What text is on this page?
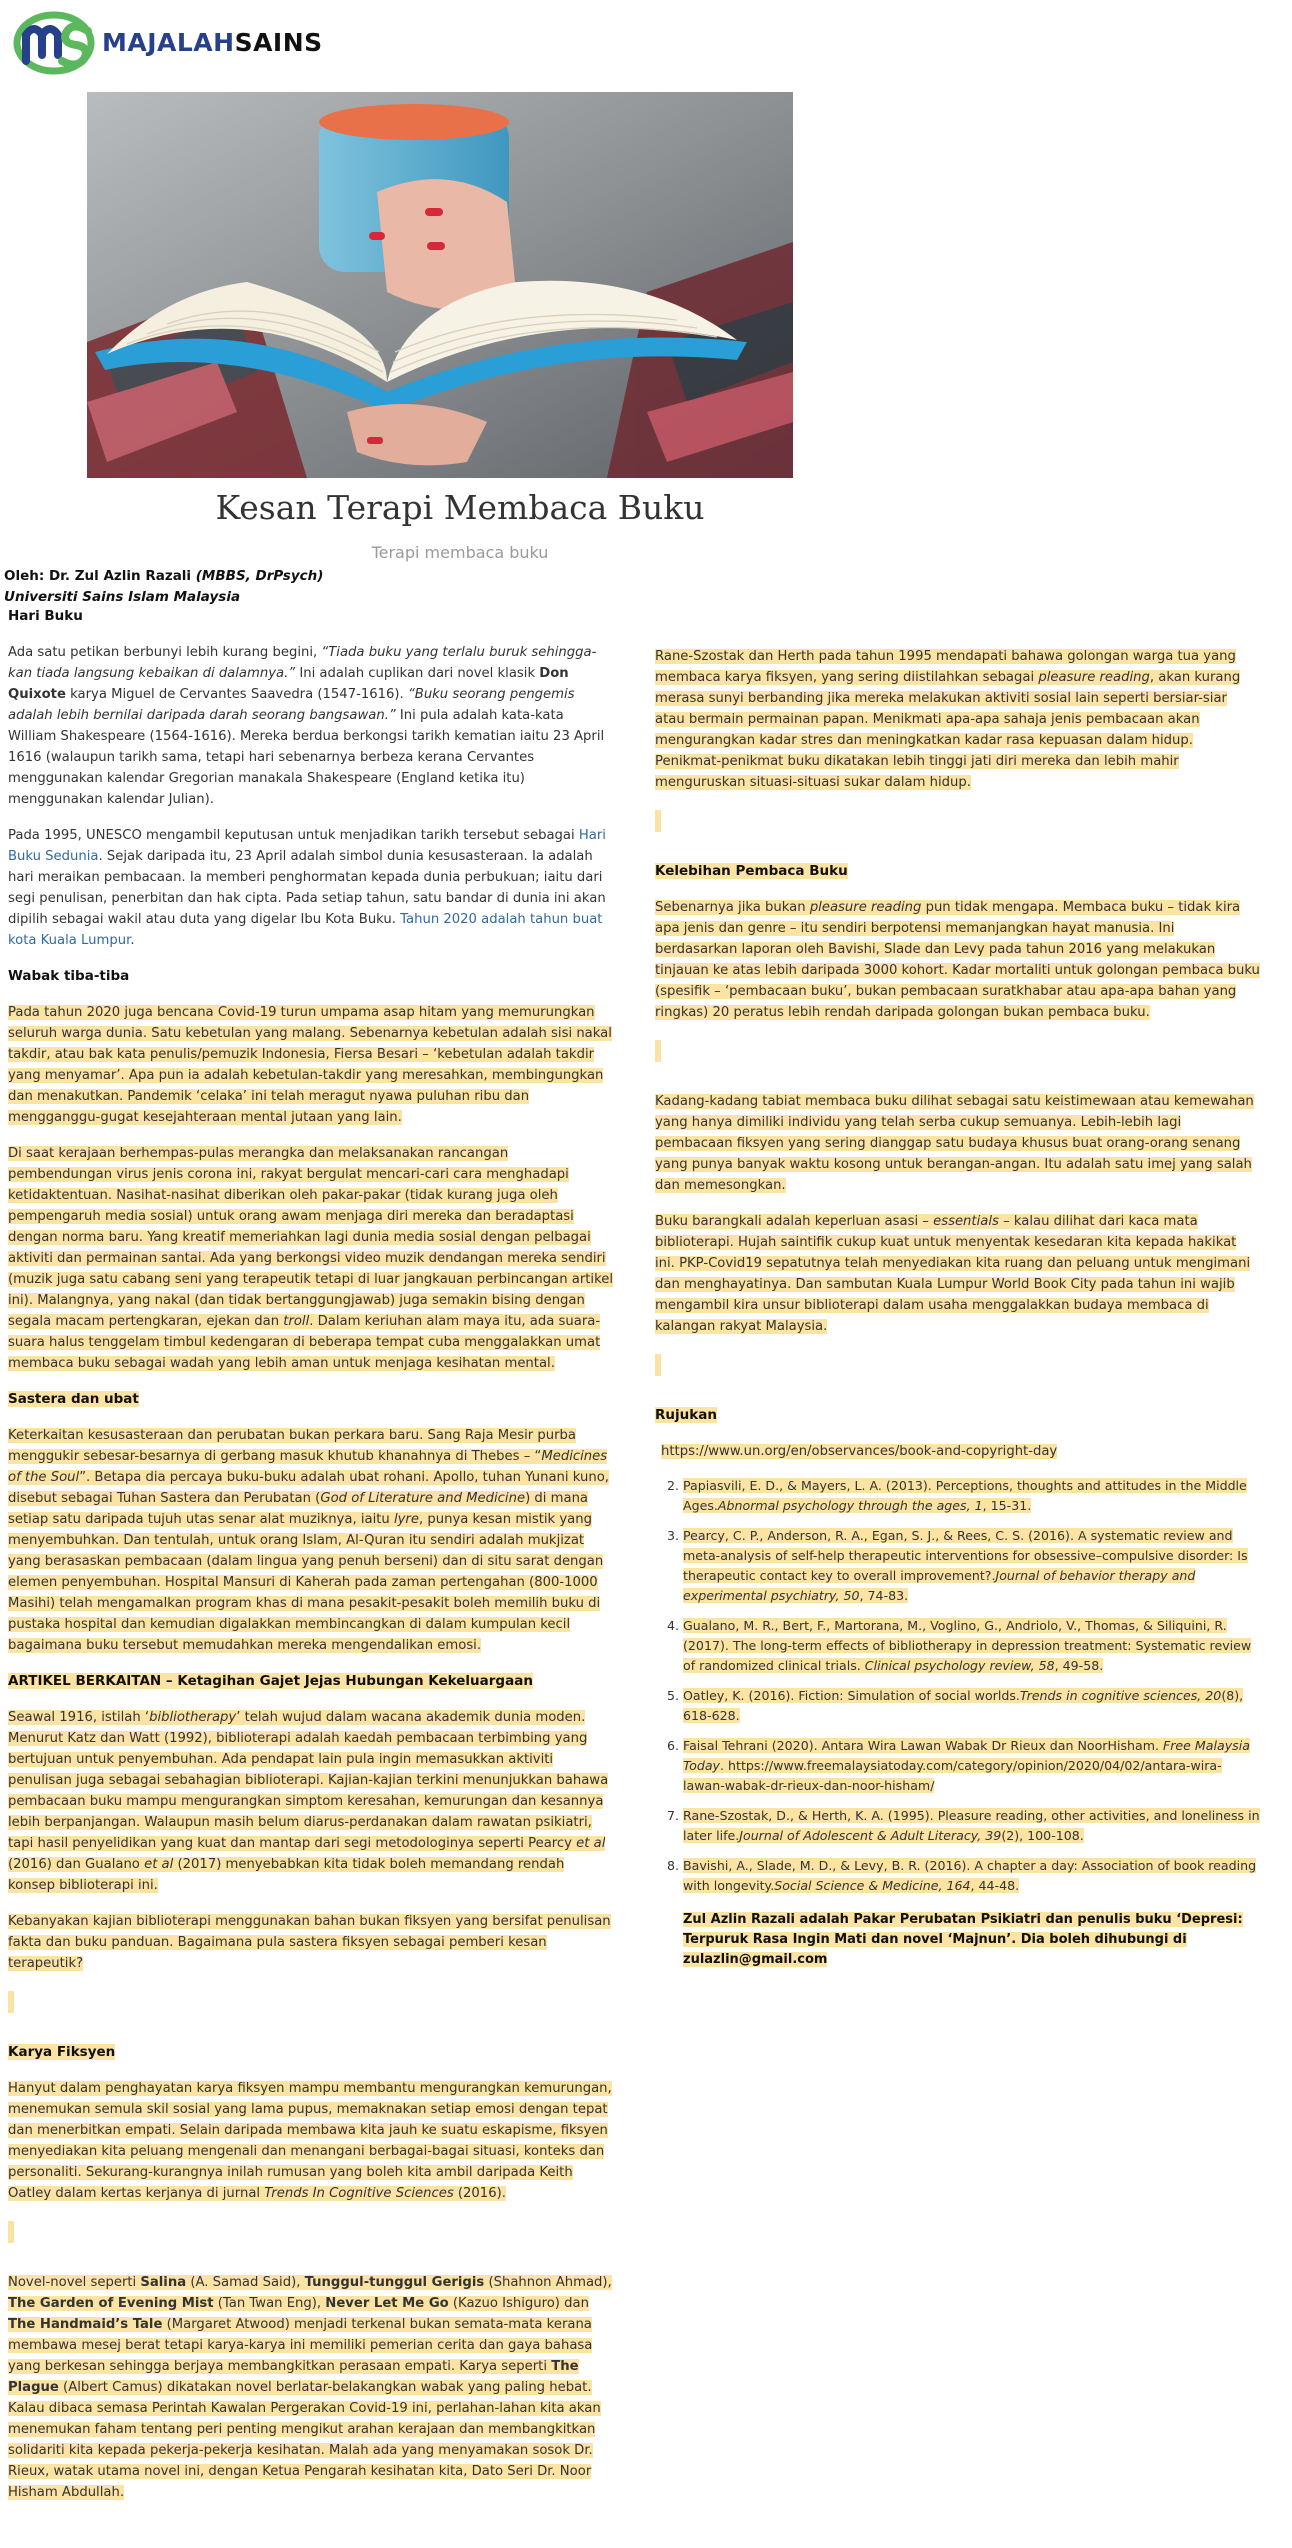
MAJALAHSAINS
Kesan Terapi Membaca Buku
Terapi membaca buku
Oleh: Dr. Zul Azlin Razali (MBBS, DrPsych)
Universiti Sains Islam Malaysia
Hari Buku

Ada satu petikan berbunyi lebih kurang begini, “Tiada buku yang terlalu buruk sehinggakan tiada langsung kebaikan di dalamnya.” Ini adalah cuplikan dari novel klasik Don Quixote karya Miguel de Cervantes Saavedra (1547-1616). “Buku seorang pengemis adalah lebih bernilai daripada darah seorang bangsawan.” Ini pula adalah kata-kata William Shakespeare (1564-1616). Mereka berdua berkongsi tarikh kematian iaitu 23 April 1616 (walaupun tarikh sama, tetapi hari sebenarnya berbeza kerana Cervantes menggunakan kalendar Gregorian manakala Shakespeare (England ketika itu) menggunakan kalendar Julian).

Pada 1995, UNESCO mengambil keputusan untuk menjadikan tarikh tersebut sebagai Hari Buku Sedunia. Sejak daripada itu, 23 April adalah simbol dunia kesusasteraan. Ia adalah hari meraikan pembacaan. Ia memberi penghormatan kepada dunia perbukuan; iaitu dari segi penulisan, penerbitan dan hak cipta. Pada setiap tahun, satu bandar di dunia ini akan dipilih sebagai wakil atau duta yang digelar Ibu Kota Buku. Tahun 2020 adalah tahun buat kota Kuala Lumpur.

Wabak tiba-tiba

Pada tahun 2020 juga bencana Covid-19 turun umpama asap hitam yang memurungkan seluruh warga dunia. Satu kebetulan yang malang. Sebenarnya kebetulan adalah sisi nakal takdir, atau bak kata penulis/pemuzik Indonesia, Fiersa Besari – ‘kebetulan adalah takdir yang menyamar’. Apa pun ia adalah kebetulan-takdir yang meresahkan, membingungkan dan menakutkan. Pandemik ‘celaka’ ini telah meragut nyawa puluhan ribu dan mengganggu-gugat kesejahteraan mental jutaan yang lain.

Di saat kerajaan berhempas-pulas merangka dan melaksanakan rancangan pembendungan virus jenis corona ini, rakyat bergulat mencari-cari cara menghadapi ketidaktentuan. Nasihat-nasihat diberikan oleh pakar-pakar (tidak kurang juga oleh pempengaruh media sosial) untuk orang awam menjaga diri mereka dan beradaptasi dengan norma baru. Yang kreatif memeriahkan lagi dunia media sosial dengan pelbagai aktiviti dan permainan santai. Ada yang berkongsi video muzik dendangan mereka sendiri (muzik juga satu cabang seni yang terapeutik tetapi di luar jangkauan perbincangan artikel ini). Malangnya, yang nakal (dan tidak bertanggungjawab) juga semakin bising dengan segala macam pertengkaran, ejekan dan troll. Dalam keriuhan alam maya itu, ada suara-suara halus tenggelam timbul kedengaran di beberapa tempat cuba menggalakkan umat membaca buku sebagai wadah yang lebih aman untuk menjaga kesihatan mental.

Sastera dan ubat

Keterkaitan kesusasteraan dan perubatan bukan perkara baru. Sang Raja Mesir purba menggukir sebesar-besarnya di gerbang masuk khutub khanahnya di Thebes – “Medicines of the Soul”. Betapa dia percaya buku-buku adalah ubat rohani. Apollo, tuhan Yunani kuno, disebut sebagai Tuhan Sastera dan Perubatan (God of Literature and Medicine) di mana setiap satu daripada tujuh utas senar alat muziknya, iaitu lyre, punya kesan mistik yang menyembuhkan. Dan tentulah, untuk orang Islam, Al-Quran itu sendiri adalah mukjizat yang berasaskan pembacaan (dalam lingua yang penuh berseni) dan di situ sarat dengan elemen penyembuhan. Hospital Mansuri di Kaherah pada zaman pertengahan (800-1000 Masihi) telah mengamalkan program khas di mana pesakit-pesakit boleh memilih buku di pustaka hospital dan kemudian digalakkan membincangkan di dalam kumpulan kecil bagaimana buku tersebut memudahkan mereka mengendalikan emosi.

ARTIKEL BERKAITAN – Ketagihan Gajet Jejas Hubungan Kekeluargaan

Seawal 1916, istilah ‘bibliotherapy’ telah wujud dalam wacana akademik dunia moden. Menurut Katz dan Watt (1992), biblioterapi adalah kaedah pembacaan terbimbing yang bertujuan untuk penyembuhan. Ada pendapat lain pula ingin memasukkan aktiviti penulisan juga sebagai sebahagian biblioterapi. Kajian-kajian terkini menunjukkan bahawa pembacaan buku mampu mengurangkan simptom keresahan, kemurungan dan kesannya lebih berpanjangan. Walaupun masih belum diarus-perdanakan dalam rawatan psikiatri, tapi hasil penyelidikan yang kuat dan mantap dari segi metodologinya seperti Pearcy et al (2016) dan Gualano et al (2017) menyebabkan kita tidak boleh memandang rendah konsep biblioterapi ini.

Kebanyakan kajian biblioterapi menggunakan bahan bukan fiksyen yang bersifat penulisan fakta dan buku panduan. Bagaimana pula sastera fiksyen sebagai pemberi kesan terapeutik?

Karya Fiksyen

Hanyut dalam penghayatan karya fiksyen mampu membantu mengurangkan kemurungan, menemukan semula skil sosial yang lama pupus, memaknakan setiap emosi dengan tepat dan menerbitkan empati. Selain daripada membawa kita jauh ke suatu eskapisme, fiksyen menyediakan kita peluang mengenali dan menangani berbagai-bagai situasi, konteks dan personaliti. Sekurang-kurangnya inilah rumusan yang boleh kita ambil daripada Keith Oatley dalam kertas kerjanya di jurnal Trends In Cognitive Sciences (2016).

Novel-novel seperti Salina (A. Samad Said), Tunggul-tunggul Gerigis (Shahnon Ahmad), The Garden of Evening Mist (Tan Twan Eng), Never Let Me Go (Kazuo Ishiguro) dan The Handmaid’s Tale (Margaret Atwood) menjadi terkenal bukan semata-mata kerana membawa mesej berat tetapi karya-karya ini memiliki pemerian cerita dan gaya bahasa yang berkesan sehingga berjaya membangkitkan perasaan empati. Karya seperti The Plague (Albert Camus) dikatakan novel berlatar-belakangkan wabak yang paling hebat. Kalau dibaca semasa Perintah Kawalan Pergerakan Covid-19 ini, perlahan-lahan kita akan menemukan faham tentang peri penting mengikut arahan kerajaan dan membangkitkan solidariti kita kepada pekerja-pekerja kesihatan. Malah ada yang menyamakan sosok Dr. Rieux, watak utama novel ini, dengan Ketua Pengarah kesihatan kita, Dato Seri Dr. Noor Hisham Abdullah.

Rane-Szostak dan Herth pada tahun 1995 mendapati bahawa golongan warga tua yang membaca karya fiksyen, yang sering diistilahkan sebagai pleasure reading, akan kurang merasa sunyi berbanding jika mereka melakukan aktiviti sosial lain seperti bersiar-siar atau bermain permainan papan. Menikmati apa-apa sahaja jenis pembacaan akan mengurangkan kadar stres dan meningkatkan kadar rasa kepuasan dalam hidup. Penikmat-penikmat buku dikatakan lebih tinggi jati diri mereka dan lebih mahir menguruskan situasi-situasi sukar dalam hidup.

Kelebihan Pembaca Buku

Sebenarnya jika bukan pleasure reading pun tidak mengapa. Membaca buku – tidak kira apa jenis dan genre – itu sendiri berpotensi memanjangkan hayat manusia. Ini berdasarkan laporan oleh Bavishi, Slade dan Levy pada tahun 2016 yang melakukan tinjauan ke atas lebih daripada 3000 kohort. Kadar mortaliti untuk golongan pembaca buku (spesifik – ‘pembacaan buku’, bukan pembacaan suratkhabar atau apa-apa bahan yang ringkas) 20 peratus lebih rendah daripada golongan bukan pembaca buku.

Kadang-kadang tabiat membaca buku dilihat sebagai satu keistimewaan atau kemewahan yang hanya dimiliki individu yang telah serba cukup semuanya. Lebih-lebih lagi pembacaan fiksyen yang sering dianggap satu budaya khusus buat orang-orang senang yang punya banyak waktu kosong untuk berangan-angan. Itu adalah satu imej yang salah dan memesongkan.

Buku barangkali adalah keperluan asasi – essentials – kalau dilihat dari kaca mata biblioterapi. Hujah saintifik cukup kuat untuk menyentak kesedaran kita kepada hakikat ini. PKP-Covid19 sepatutnya telah menyediakan kita ruang dan peluang untuk mengimani dan menghayatinya. Dan sambutan Kuala Lumpur World Book City pada tahun ini wajib mengambil kira unsur biblioterapi dalam usaha menggalakkan budaya membaca di kalangan rakyat Malaysia.

Rujukan
https://www.un.org/en/observances/book-and-copyright-day
2. Papiasvili, E. D., & Mayers, L. A. (2013). Perceptions, thoughts and attitudes in the Middle Ages.Abnormal psychology through the ages, 1, 15-31.
3. Pearcy, C. P., Anderson, R. A., Egan, S. J., & Rees, C. S. (2016). A systematic review and meta-analysis of self-help therapeutic interventions for obsessive–compulsive disorder: Is therapeutic contact key to overall improvement?.Journal of behavior therapy and experimental psychiatry, 50, 74-83.
4. Gualano, M. R., Bert, F., Martorana, M., Voglino, G., Andriolo, V., Thomas, & Siliquini, R. (2017). The long-term effects of bibliotherapy in depression treatment: Systematic review of randomized clinical trials. Clinical psychology review, 58, 49-58.
5. Oatley, K. (2016). Fiction: Simulation of social worlds.Trends in cognitive sciences, 20(8), 618-628.
6. Faisal Tehrani (2020). Antara Wira Lawan Wabak Dr Rieux dan NoorHisham. Free Malaysia Today. https://www.freemalaysiatoday.com/category/opinion/2020/04/02/antara-wira-lawan-wabak-dr-rieux-dan-noor-hisham/
7. Rane-Szostak, D., & Herth, K. A. (1995). Pleasure reading, other activities, and loneliness in later life.Journal of Adolescent & Adult Literacy, 39(2), 100-108.
8. Bavishi, A., Slade, M. D., & Levy, B. R. (2016). A chapter a day: Association of book reading with longevity.Social Science & Medicine, 164, 44-48.
Zul Azlin Razali adalah Pakar Perubatan Psikiatri dan penulis buku ‘Depresi: Terpuruk Rasa Ingin Mati dan novel ‘Majnun’. Dia boleh dihubungi di zulazlin@gmail.com
